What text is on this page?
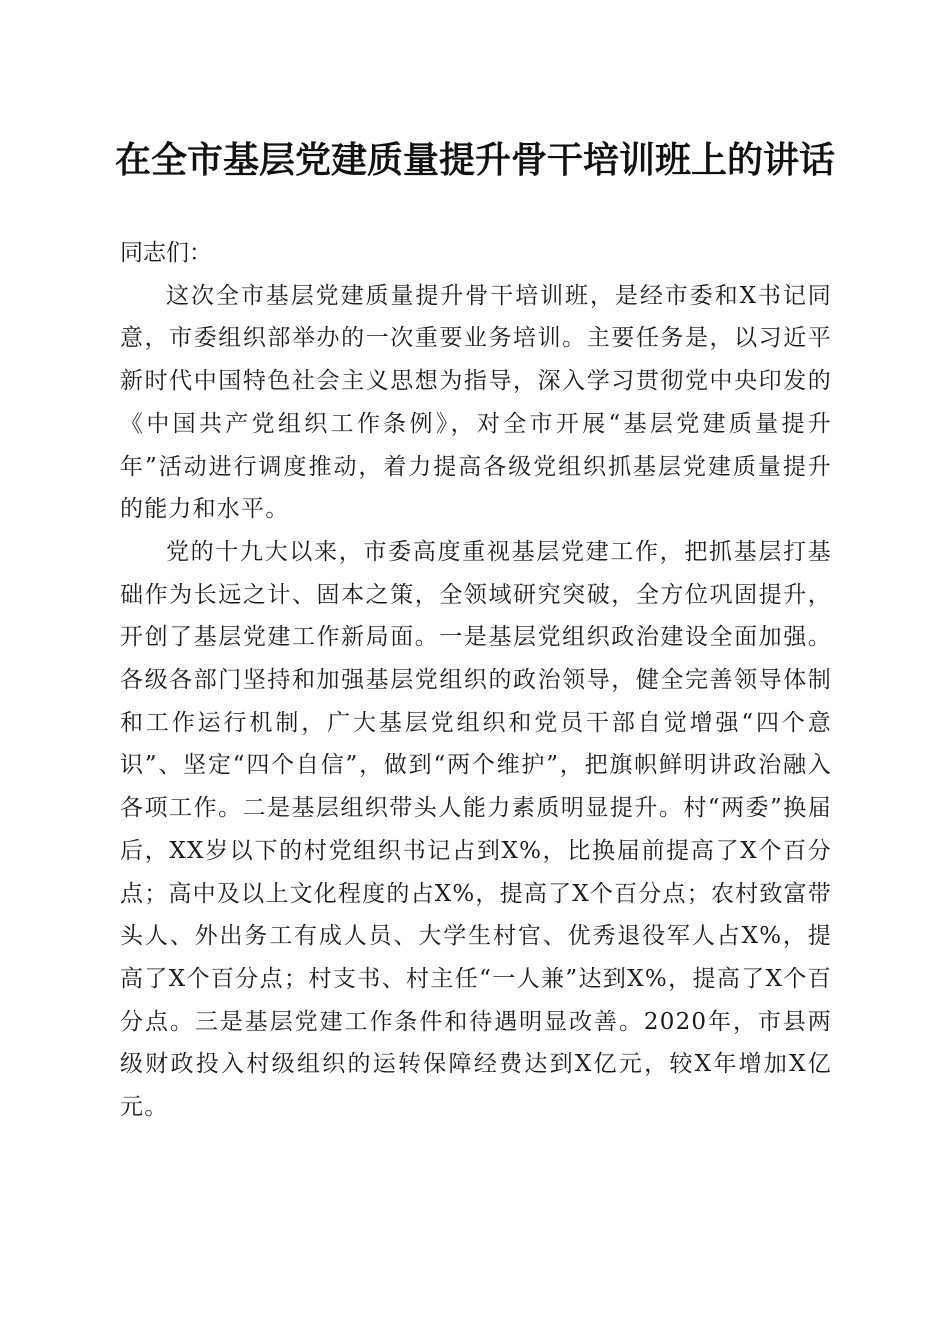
在全市基层党建质量提升骨干培训班上的讲话

同志们：

这次全市基层党建质量提升骨干培训班，是经市委和X书记同意，市委组织部举办的一次重要业务培训。主要任务是，以习近平新时代中国特色社会主义思想为指导，深入学习贯彻党中央印发的《中国共产党组织工作条例》，对全市开展“基层党建质量提升年”活动进行调度推动，着力提高各级党组织抓基层党建质量提升的能力和水平。

党的十九大以来，市委高度重视基层党建工作，把抓基层打基础作为长远之计、固本之策，全领域研究突破，全方位巩固提升，开创了基层党建工作新局面。一是基层党组织政治建设全面加强。各级各部门坚持和加强基层党组织的政治领导，健全完善领导体制和工作运行机制，广大基层党组织和党员干部自觉增强“四个意识”、坚定“四个自信”，做到“两个维护”，把旗帜鲜明讲政治融入各项工作。二是基层组织带头人能力素质明显提升。村“两委”换届后，XX岁以下的村党组织书记占到X%，比换届前提高了X个百分点；高中及以上文化程度的占X%，提高了X个百分点；农村致富带头人、外出务工有成人员、大学生村官、优秀退役军人占X%，提高了X个百分点；村支书、村主任“一人兼”达到X%，提高了X个百分点。三是基层党建工作条件和待遇明显改善。2020年，市县两级财政投入村级组织的运转保障经费达到X亿元，较X年增加X亿元。
